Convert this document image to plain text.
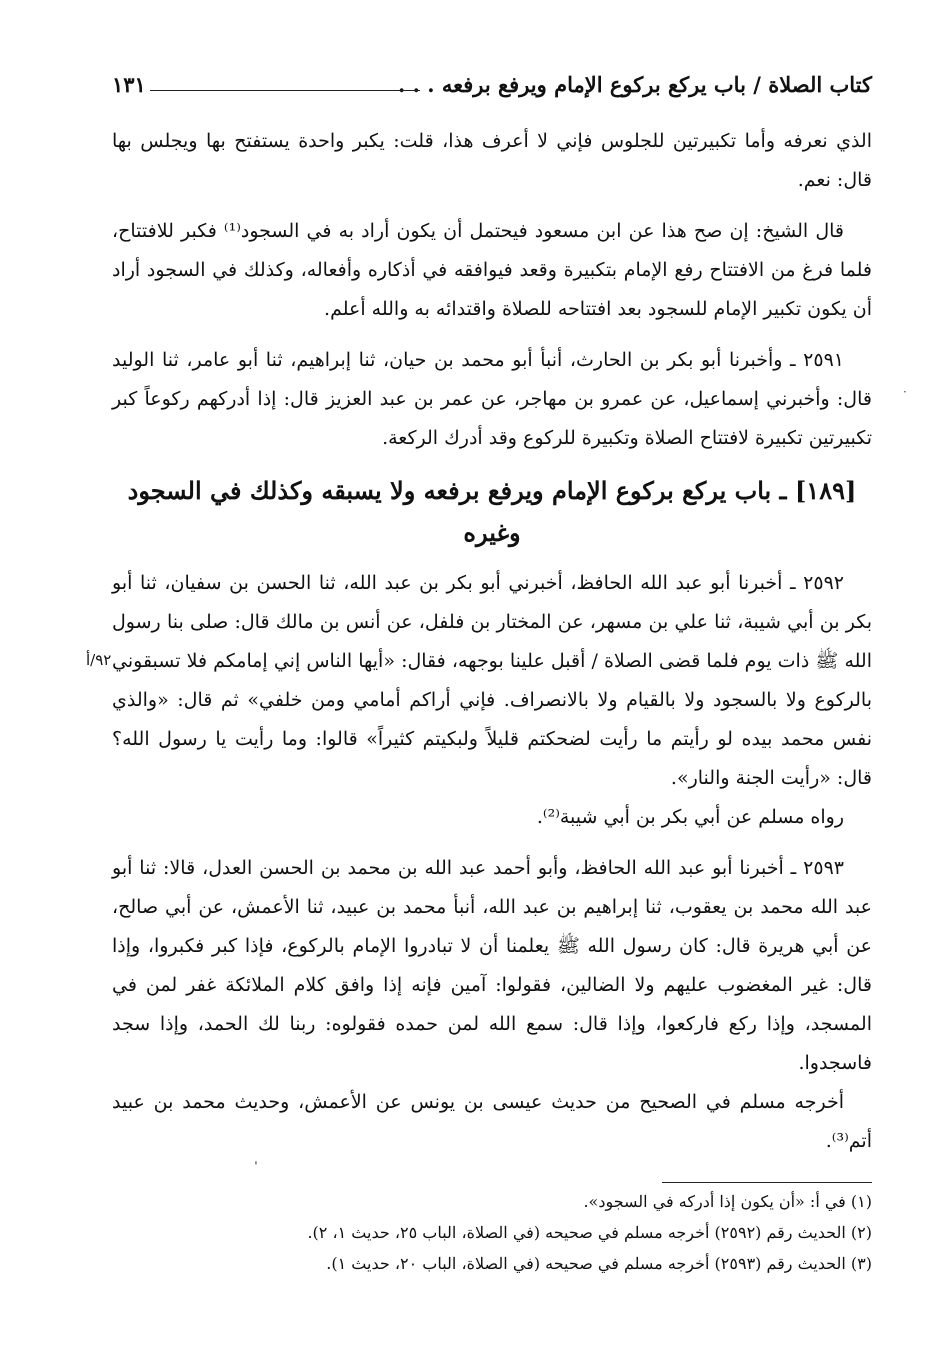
كتاب الصلاة / باب يركع بركوع الإمام ويرفع برفعه . . .
١٣١

الذي نعرفه وأما تكبيرتين للجلوس فإني لا أعرف هذا، قلت: يكبر واحدة يستفتح بها ويجلس بها قال: نعم.

قال الشيخ: إن صح هذا عن ابن مسعود فيحتمل أن يكون أراد به في السجود⁽¹⁾ فكبر للافتتاح، فلما فرغ من الافتتاح رفع الإمام بتكبيرة وقعد فيوافقه في أذكاره وأفعاله، وكذلك في السجود أراد أن يكون تكبير الإمام للسجود بعد افتتاحه للصلاة واقتدائه به والله أعلم.

٢٥٩١ ـ وأخبرنا أبو بكر بن الحارث، أنبأ أبو محمد بن حيان، ثنا إبراهيم، ثنا أبو عامر، ثنا الوليد قال: وأخبرني إسماعيل، عن عمرو بن مهاجر، عن عمر بن عبد العزيز قال: إذا أدركهم ركوعاً كبر تكبيرتين تكبيرة لافتتاح الصلاة وتكبيرة للركوع وقد أدرك الركعة.

[١٨٩] ـ باب يركع بركوع الإمام ويرفع برفعه ولا يسبقه وكذلك في السجود وغيره

٢٥٩٢ ـ أخبرنا أبو عبد الله الحافظ، أخبرني أبو بكر بن عبد الله، ثنا الحسن بن سفيان، ثنا أبو بكر بن أبي شيبة، ثنا علي بن مسهر، عن المختار بن فلفل، عن أنس بن مالك قال: صلى بنا رسول الله ﷺ ذات يوم فلما قضى الصلاة / أقبل علينا بوجهه، فقال: «أيها الناس إني إمامكم فلا تسبقوني بالركوع ولا بالسجود ولا بالقيام ولا بالانصراف. فإني أراكم أمامي ومن خلفي» ثم قال: «والذي نفس محمد بيده لو رأيتم ما رأيت لضحكتم قليلاً ولبكيتم كثيراً» قالوا: وما رأيت يا رسول الله؟ قال: «رأيت الجنة والنار».

رواه مسلم عن أبي بكر بن أبي شيبة⁽²⁾.

٢٥٩٣ ـ أخبرنا أبو عبد الله الحافظ، وأبو أحمد عبد الله بن محمد بن الحسن العدل، قالا: ثنا أبو عبد الله محمد بن يعقوب، ثنا إبراهيم بن عبد الله، أنبأ محمد بن عبيد، ثنا الأعمش، عن أبي صالح، عن أبي هريرة قال: كان رسول الله ﷺ يعلمنا أن لا تبادروا الإمام بالركوع، فإذا كبر فكبروا، وإذا قال: غير المغضوب عليهم ولا الضالين، فقولوا: آمين فإنه إذا وافق كلام الملائكة غفر لمن في المسجد، وإذا ركع فاركعوا، وإذا قال: سمع الله لمن حمده فقولوه: ربنا لك الحمد، وإذا سجد فاسجدوا.

أخرجه مسلم في الصحيح من حديث عيسى بن يونس عن الأعمش، وحديث محمد بن عبيد أتم⁽³⁾.

٩٢/أ
·
ˈ
(١) في أ: «أن يكون إذا أدركه في السجود».
(٢) الحديث رقم (٢٥٩٢) أخرجه مسلم في صحيحه (في الصلاة، الباب ٢٥، حديث ١، ٢).
(٣) الحديث رقم (٢٥٩٣) أخرجه مسلم في صحيحه (في الصلاة، الباب ٢٠، حديث ١).
